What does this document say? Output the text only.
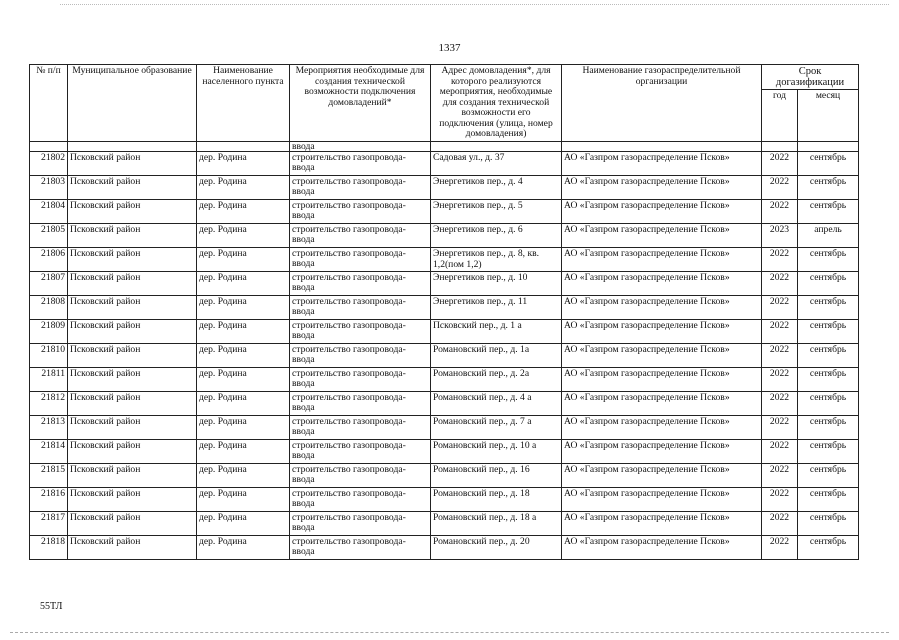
1337
№ п/п	Муниципальное образование	Наименование населенного пункта	Мероприятия необходимые для создания технической возможности подключения домовладений*	Адрес домовладения*, для которого реализуются мероприятия, необходимые для создания технической возможности его подключения (улица, номер домовладения)	Наименование газораспределительной организации	Срок догазификации	
						год	месяц
			ввода				
21802	Псковский район	дер. Родина	строительство газопровода-ввода	Садовая ул., д. 37	АО «Газпром газораспределение Псков»	2022	сентябрь
21803	Псковский район	дер. Родина	строительство газопровода-ввода	Энергетиков пер., д. 4	АО «Газпром газораспределение Псков»	2022	сентябрь
21804	Псковский район	дер. Родина	строительство газопровода-ввода	Энергетиков пер., д. 5	АО «Газпром газораспределение Псков»	2022	сентябрь
21805	Псковский район	дер. Родина	строительство газопровода-ввода	Энергетиков пер., д. 6	АО «Газпром газораспределение Псков»	2023	апрель
21806	Псковский район	дер. Родина	строительство газопровода-ввода	Энергетиков пер., д. 8, кв. 1,2(пом 1,2)	АО «Газпром газораспределение Псков»	2022	сентябрь
21807	Псковский район	дер. Родина	строительство газопровода-ввода	Энергетиков пер., д. 10	АО «Газпром газораспределение Псков»	2022	сентябрь
21808	Псковский район	дер. Родина	строительство газопровода-ввода	Энергетиков пер., д. 11	АО «Газпром газораспределение Псков»	2022	сентябрь
21809	Псковский район	дер. Родина	строительство газопровода-ввода	Псковский пер., д. 1 а	АО «Газпром газораспределение Псков»	2022	сентябрь
21810	Псковский район	дер. Родина	строительство газопровода-ввода	Романовский пер., д. 1а	АО «Газпром газораспределение Псков»	2022	сентябрь
21811	Псковский район	дер. Родина	строительство газопровода-ввода	Романовский пер., д. 2а	АО «Газпром газораспределение Псков»	2022	сентябрь
21812	Псковский район	дер. Родина	строительство газопровода-ввода	Романовский пер., д. 4 а	АО «Газпром газораспределение Псков»	2022	сентябрь
21813	Псковский район	дер. Родина	строительство газопровода-ввода	Романовский пер., д. 7 а	АО «Газпром газораспределение Псков»	2022	сентябрь
21814	Псковский район	дер. Родина	строительство газопровода-ввода	Романовский пер., д. 10 а	АО «Газпром газораспределение Псков»	2022	сентябрь
21815	Псковский район	дер. Родина	строительство газопровода-ввода	Романовский пер., д. 16	АО «Газпром газораспределение Псков»	2022	сентябрь
21816	Псковский район	дер. Родина	строительство газопровода-ввода	Романовский пер., д. 18	АО «Газпром газораспределение Псков»	2022	сентябрь
21817	Псковский район	дер. Родина	строительство газопровода-ввода	Романовский пер., д. 18 а	АО «Газпром газораспределение Псков»	2022	сентябрь
21818	Псковский район	дер. Родина	строительство газопровода-ввода	Романовский пер., д. 20	АО «Газпром газораспределение Псков»	2022	сентябрь
55ТЛ
